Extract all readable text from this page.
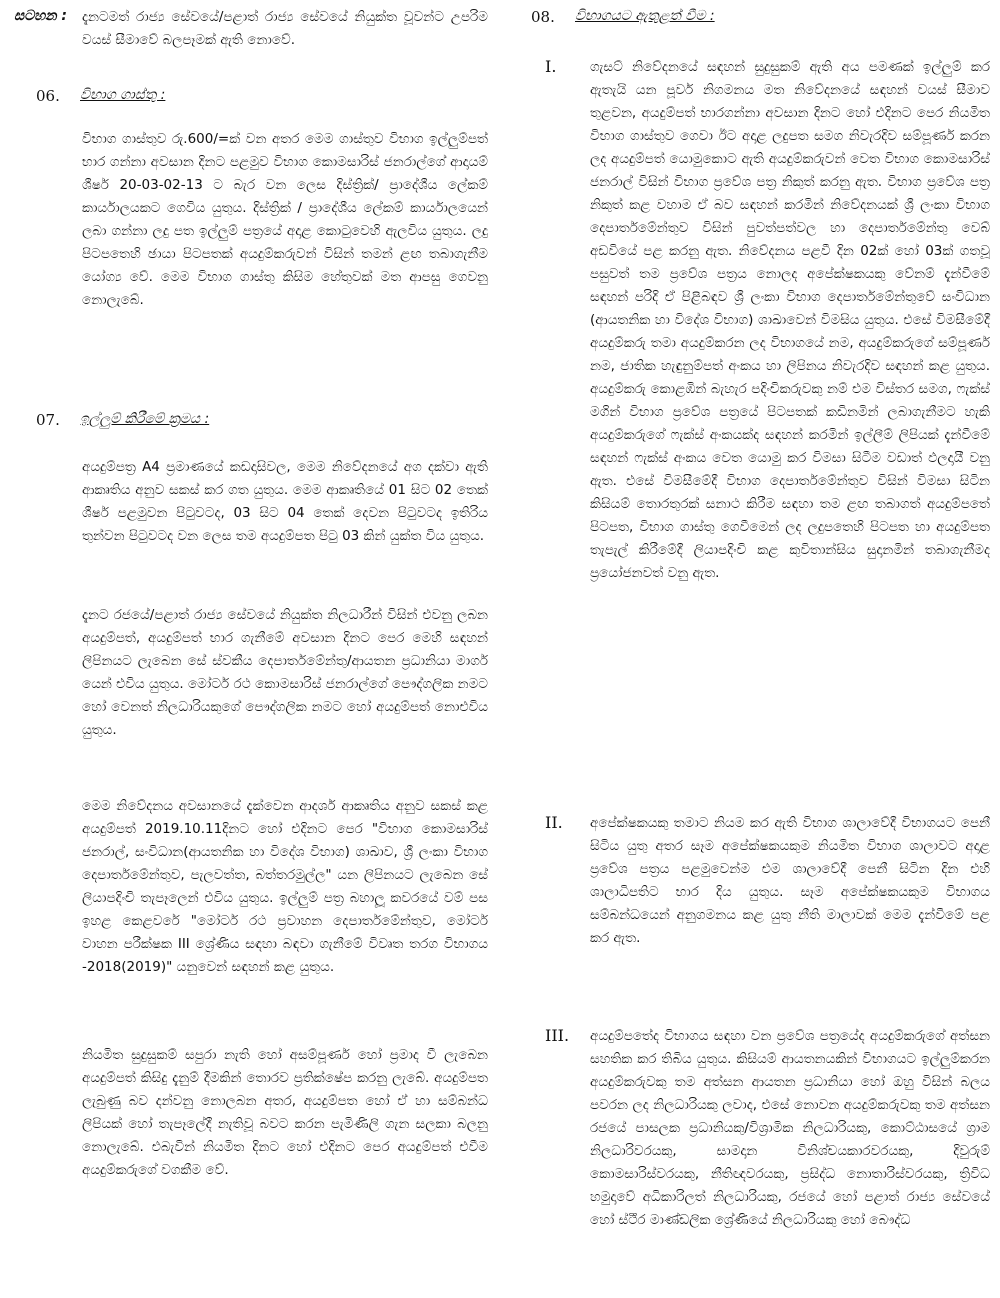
සටහන : දැනටමත් රාජ්‍ය සේවයේ/පළාත් රාජ්‍ය සේවයේ නියුක්ත වූවන්ට උපරිම වයස් සීමාවේ බලපෑමක් ඇති නොවේ.

06. විභාග ගාස්තු :

විභාග ගාස්තුව රු.600/=ක් වන අතර මෙම ගාස්තුව විභාග ඉල්ලුම්පත් භාර ගන්නා අවසාන දිනට පළමුව විභාග කොමසාරිස් ජනරාල්ගේ ආදායම් ශීර්ෂ 20-03-02-13 ට බැර වන ලෙස දිස්ත්‍රික්/ ප්‍රාදේශීය ලේකම් කාර්යාලයකට ගෙවිය යුතුය. දිස්ත්‍රික් / ප්‍රාදේශීය ලේකම් කාර්යාලයෙන් ලබා ගන්නා ලදු පත ඉල්ලුම් පත්‍රයේ අදාළ කොටුවෙහි ඇලවිය යුතුය. ලදු පිටපතෙහි ඡායා පිටපතක් අයදුම්කරුවන් විසින් තමන් ළඟ තබාගැනීම යෝග්‍ය වේ. මෙම විභාග ගාස්තු කිසිම හේතුවක් මත ආපසු ගෙවනු නොලැබේ.

07. ඉල්ලුම් කිරීමේ ක්‍රමය :

අයදුම්පත්‍ර A4 ප්‍රමාණයේ කඩදාසිවල, මෙම නිවේදනයේ අග දක්වා ඇති ආකෘතිය අනුව සකස් කර ගත යුතුය. මෙම ආකෘතියේ 01 සිට 02 තෙක් ශීර්ෂ පළමුවන පිටුවටද, 03 සිට 04 තෙක් දෙවන පිටුවටද ඉතිරිය තුන්වන පිටුවටද වන ලෙස තම අයදුම්පත පිටු 03 කින් යුක්ත විය යුතුය.

දැනට රජයේ/පළාත් රාජ්‍ය සේවයේ නියුක්ත නිලධාරීන් විසින් එවනු ලබන අයදුම්පත්, අයදුම්පත් භාර ගැනීමේ අවසාන දිනට පෙර මෙහි සඳහන් ලිපිනයට ලැබෙන සේ ස්වකීය දෙපාර්තමේන්තු/ආයතන ප්‍රධානියා මාර්ග යෙන් එවිය යුතුය. මෝටර් රථ කොමසාරිස් ජනරාල්ගේ පෞද්ගලික නමට හෝ වෙනත් නිලධාරියකුගේ පෞද්ගලික නමට හෝ අයදුම්පත් නොඑවිය යුතුය.

මෙම නිවේදනය අවසානයේ දැක්වෙන ආදර්ශ ආකෘතිය අනුව සකස් කළ අයදුම්පත් 2019.10.11දිනට හෝ එදිනට පෙර "විභාග කොමසාරිස් ජනරාල්, සංවිධාන(ආයතනික හා විදේශ විභාග) ශාඛාව, ශ්‍රී ලංකා විභාග දෙපාර්තමේන්තුව, පැලවත්ත, බත්තරමුල්ල" යන ලිපිනයට ලැබෙන සේ ලියාපදිංචි තැපෑලෙන් එවිය යුතුය. ඉල්ලුම් පත්‍ර බහාලූ කවරයේ වම් පස ඉහළ කෙළවරේ "මෝටර් රථ ප්‍රවාහන දෙපාර්තමේන්තුව, මෝටර් වාහන පරීක්ෂක III ශ්‍රේණිය සඳහා බඳවා ගැනීමේ විවෘත තරග විභාගය -2018(2019)" යනුවෙන් සඳහන් කළ යුතුය.

නියමිත සුදුසුකම් සපුරා නැති හෝ අසම්පූර්ණ හෝ ප්‍රමාද වී ලැබෙන අයදුම්පත් කිසිදු දැනුම් දීමකින් තොරව ප්‍රතික්ෂේප කරනු ලැබේ. අයදුම්පත ලැබුණු බව දන්වනු නොලබන අතර, අයදුම්පත හෝ ඒ හා සම්බන්ධ ලිපියක් හෝ තැපෑලේදී නැතිවූ බවට කරන පැමිණිලි ගැන සලකා බලනු නොලැබේ. එබැවින් නියමිත දිනට හෝ එදිනට පෙර අයදුම්පත් එවීම අයදුම්කරුගේ වගකීම වේ.

08. විභාගයට ඇතුළත් වීම :
I. ගැසට් නිවේදනයේ සඳහන් සුදුසුකම් ඇති අය පමණක් ඉල්ලුම් කර ඇතැයි යන පූර්ව නිගමනය මත නිවේදනයේ සඳහන් වයස් සීමාව තුළවන, අයදුම්පත් භාරගන්නා අවසාන දිනට හෝ එදිනට පෙර නියමිත විභාග ගාස්තුව ගෙවා ඊට අදාළ ලදුපත සමග නිවැරදිව සම්පූර්ණ කරන ලද අයදුම්පත් යොමුකොට ඇති අයදුම්කරුවන් වෙත විභාග කොමසාරිස් ජනරාල් විසින් විභාග ප්‍රවේශ පත්‍ර නිකුත් කරනු ඇත. විභාග ප්‍රවේශ පත්‍ර නිකුත් කළ වහාම ඒ බව සඳහන් කරමින් නිවේදනයක් ශ්‍රී ලංකා විභාග දෙපාර්තමේන්තුව විසින් පුවත්පත්වල හා දෙපාර්තමේන්තු වෙබ් අඩවියේ පළ කරනු ඇත. නිවේදනය පළවී දින 02ක් හෝ 03ක් ගතවූ පසුවත් තම ප්‍රවේශ පත්‍රය නොලද අපේක්ෂකයකු වේනම් දැන්වීමේ සඳහන් පරිදි ඒ පිළිබඳව ශ්‍රී ලංකා විභාග දෙපාර්තමේන්තුවේ සංවිධාන (ආයතනික හා විදේශ විභාග) ශාඛාවෙන් විමසිය යුතුය. එසේ විමසීමේදී අයදුම්කරු තමා අයදුම්කරන ලද විභාගයේ නම, අයදුම්කරුගේ සම්පූර්ණ නම, ජාතික හැඳුනුම්පත් අංකය හා ලිපිනය නිවැරදිව සඳහන් කළ යුතුය. අයදුම්කරු කොළඹින් බැහැර පදිංචිකරුවකු නම් එම විස්තර සමග, ෆැක්ස් මගින් විභාග ප්‍රවේශ පත්‍රයේ පිටපතක් කඩිනමින් ලබාගැනීමට හැකි අයදුම්කරුගේ ෆැක්ස් අංකයක්ද සඳහන් කරමින් ඉල්ලීම් ලිපියක් දැන්වීමේ සඳහන් ෆැක්ස් අංකය වෙත යොමු කර විමසා සිටීම වඩාත් ඵලදායී වනු ඇත. එසේ විමසීමේදී විභාග දෙපාර්තමේන්තුව විසින් විමසා සිටින කිසියම් තොරතුරක් සනාථ කිරීම සඳහා තම ළඟ තබාගත් අයදුම්පතේ පිටපත, විභාග ගාස්තු ගෙවීමෙන් ලද ලදුපතෙහි පිටපත හා අයදුම්පත තැපැල් කිරීමේදී ලියාපදිංචි කළ කුවිතාන්සිය සුදානමින් තබාගැනීමද ප්‍රයෝජනවත් වනු ඇත.

II. අපේක්ෂකයකු තමාට නියම කර ඇති විභාග ශාලාවේදී විභාගයට පෙනී සිටිය යුතු අතර සෑම අපේක්ෂකයකුම නියමිත විභාග ශාලාවට අදාළ ප්‍රවේශ පත්‍රය පළමුවෙන්ම එම ශාලාවේදී පෙනී සිටින දින එහි ශාලාධිපතිට භාර දිය යුතුය. සෑම අපේක්ෂකයකුම විභාගය සම්බන්ධයෙන් අනුගමනය කළ යුතු නීති මාලාවක් මෙම දැන්වීමේ පළ කර ඇත.

III. අයදුම්පතේද විභාගය සඳහා වන ප්‍රවේශ පත්‍රයේද අයදුම්කරුගේ අත්සන සහතික කර තිබිය යුතුය. කිසියම් ආයතනයකින් විභාගයට ඉල්ලුම්කරන අයදුම්කරුවකු තම අත්සන ආයතන ප්‍රධානියා හෝ ඔහු විසින් බලය පවරන ලද නිලධාරියකු ලවාද, එසේ නොවන අයදුම්කරුවකු තම අත්සන රජයේ පාසලක ප්‍රධානියකු/විශ්‍රාමික නිලධාරියකු, කොට්ඨාසයේ ග්‍රාම නිලධාරිවරයකු, සාමදාන විනිශ්චයකාරවරයකු, දිවුරුම් කොමසාරිස්වරයකු, නීතිඥවරයකු, ප්‍රසිද්ධ නොතාරිස්වරයකු, ත්‍රිවිධ හමුදාවේ අධිකාරිලත් නිලධාරියකු, රජයේ හෝ පළාත් රාජ්‍ය සේවයේ හෝ ස්ථිර මාණ්ඩලික ශ්‍රේණියේ නිලධාරියකු හෝ බෞද්ධ
